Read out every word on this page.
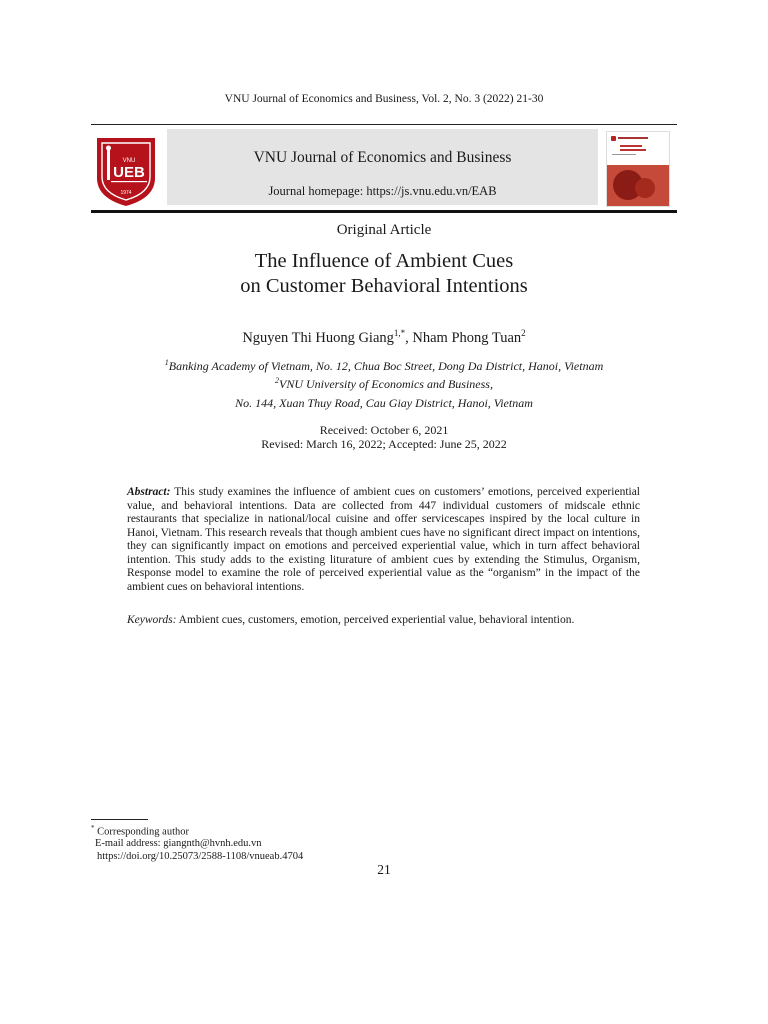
VNU Journal of Economics and Business, Vol. 2, No. 3 (2022) 21-30
VNU
UEB
1974
VNU Journal of Economics and Business
Journal homepage: https://js.vnu.edu.vn/EAB
Original Article
The Influence of Ambient Cues
on Customer Behavioral Intentions
Nguyen Thi Huong Giang$^{1,*}$, Nham Phong Tuan$^2$
$^1$Banking Academy of Vietnam, No. 12, Chua Boc Street, Dong Da District, Hanoi, Vietnam
$^2$VNU University of Economics and Business,
No. 144, Xuan Thuy Road, Cau Giay District, Hanoi, Vietnam
Received: October 6, 2021
Revised: March 16, 2022; Accepted: June 25, 2022
Abstract: This study examines the influence of ambient cues on customers’ emotions, perceived experiential value, and behavioral intentions. Data are collected from 447 individual customers of midscale ethnic restaurants that specialize in national/local cuisine and offer servicescapes inspired by the local culture in Hanoi, Vietnam. This research reveals that though ambient cues have no significant direct impact on intentions, they can significantly impact on emotions and perceived experiential value, which in turn affect behavioral intention. This study adds to the existing liturature of ambient cues by extending the Stimulus, Organism, Response model to examine the role of perceived experiential value as the “organism” in the impact of the ambient cues on behavioral intentions.
Keywords: Ambient cues, customers, emotion, perceived experiential value, behavioral intention.
* Corresponding author
E-mail address: giangnth@hvnh.edu.vn
https://doi.org/10.25073/2588-1108/vnueab.4704
21
